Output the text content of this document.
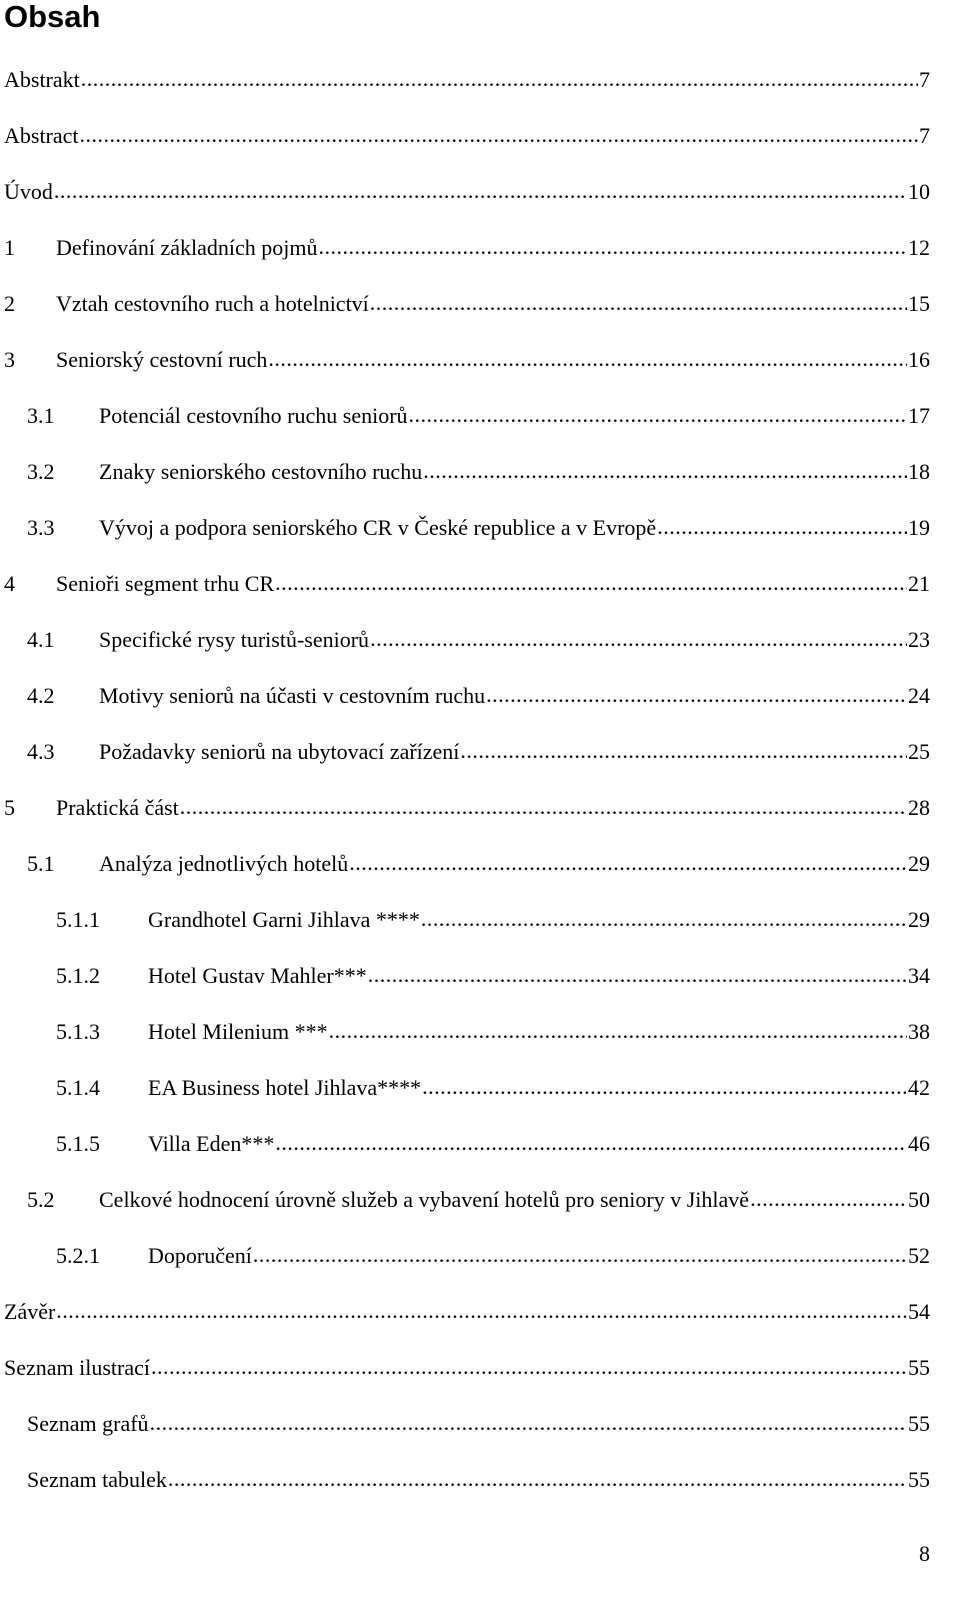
Obsah
Abstrakt .....	7
Abstract .....	7
Úvod .....	10
1	Definování základních pojmů .....	12
2	Vztah cestovního ruch a hotelnictví .....	15
3	Seniorský cestovní ruch .....	16
3.1	Potenciál cestovního ruchu seniorů .....	17
3.2	Znaky seniorského cestovního ruchu .....	18
3.3	Vývoj a podpora seniorského CR v České republice a v Evropě .....	19
4	Senioři segment trhu CR .....	21
4.1	Specifické rysy turistů-seniorů .....	23
4.2	Motivy seniorů na účasti v cestovním ruchu .....	24
4.3	Požadavky seniorů na ubytovací zařízení .....	25
5	Praktická část .....	28
5.1	Analýza jednotlivých hotelů .....	29
5.1.1	Grandhotel Garni Jihlava **** .....	29
5.1.2	Hotel Gustav Mahler*** .....	34
5.1.3	Hotel Milenium *** .....	38
5.1.4	EA Business hotel Jihlava**** .....	42
5.1.5	Villa Eden*** .....	46
5.2	Celkové hodnocení úrovně služeb a vybavení hotelů pro seniory v Jihlavě .....	50
5.2.1	Doporučení .....	52
Závěr .....	54
Seznam ilustrací .....	55
Seznam grafů .....	55
Seznam tabulek .....	55
8
